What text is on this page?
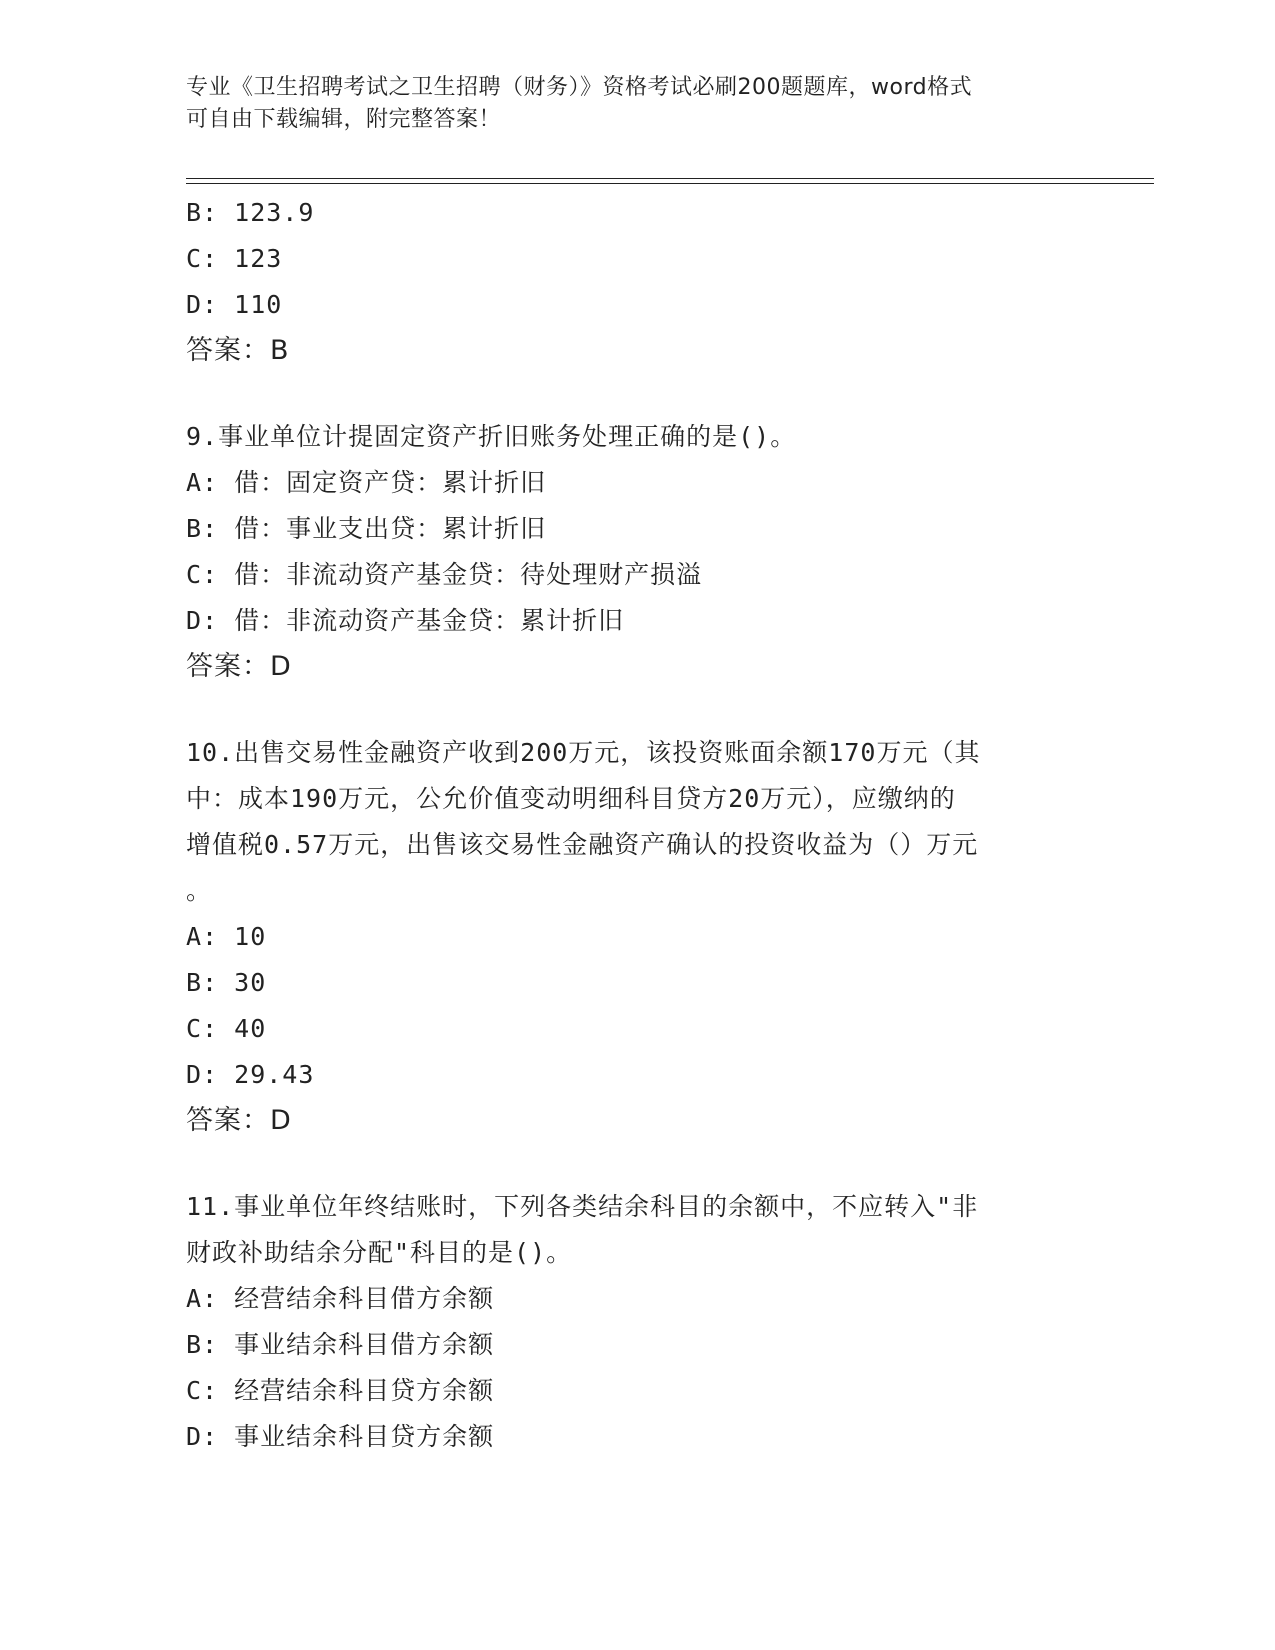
专业《卫生招聘考试之卫生招聘（财务）》资格考试必刷200题题库，word格式
可自由下载编辑，附完整答案！
B: 123.9
C: 123
D: 110
答案：B
9.事业单位计提固定资产折旧账务处理正确的是()。
A: 借：固定资产贷：累计折旧
B: 借：事业支出贷：累计折旧
C: 借：非流动资产基金贷：待处理财产损溢
D: 借：非流动资产基金贷：累计折旧
答案：D
10.出售交易性金融资产收到200万元，该投资账面余额170万元（其
中：成本190万元，公允价值变动明细科目贷方20万元），应缴纳的
增值税0.57万元，出售该交易性金融资产确认的投资收益为（）万元
。
A: 10
B: 30
C: 40
D: 29.43
答案：D
11.事业单位年终结账时，下列各类结余科目的余额中，不应转入"非
财政补助结余分配"科目的是()。
A: 经营结余科目借方余额
B: 事业结余科目借方余额
C: 经营结余科目贷方余额
D: 事业结余科目贷方余额
